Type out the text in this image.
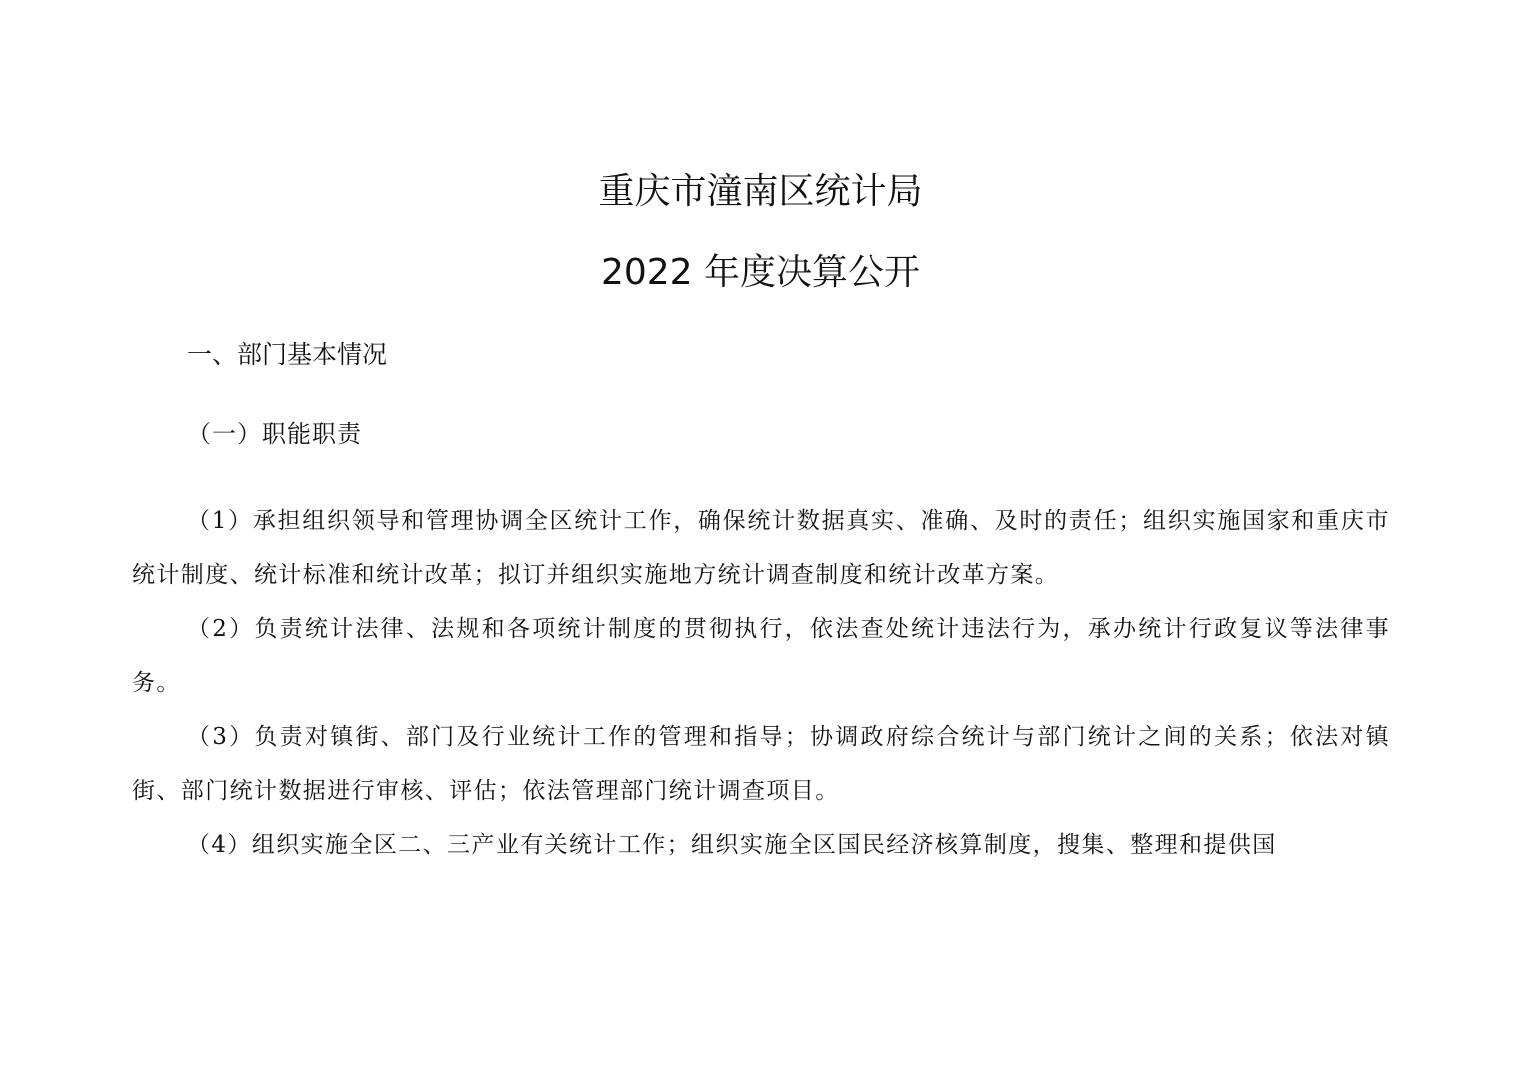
重庆市潼南区统计局
2022 年度决算公开
一、部门基本情况
（一）职能职责

（1）承担组织领导和管理协调全区统计工作，确保统计数据真实、准确、及时的责任；组织实施国家和重庆市统计制度、统计标准和统计改革；拟订并组织实施地方统计调查制度和统计改革方案。

（2）负责统计法律、法规和各项统计制度的贯彻执行，依法查处统计违法行为，承办统计行政复议等法律事务。

（3）负责对镇街、部门及行业统计工作的管理和指导；协调政府综合统计与部门统计之间的关系；依法对镇街、部门统计数据进行审核、评估；依法管理部门统计调查项目。

（4）组织实施全区二、三产业有关统计工作；组织实施全区国民经济核算制度，搜集、整理和提供国
